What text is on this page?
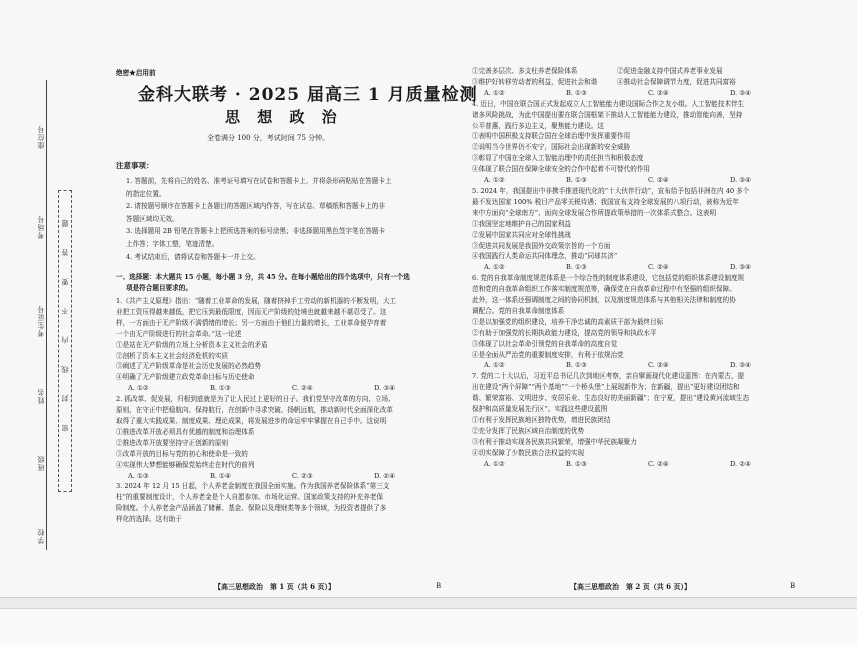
座位号
考场号
考生证号
姓名
班级
学校
密 封 线 内 不 要 答 题
绝密★启用前
金科大联考 · 2025 届高三 1 月质量检测
思 想 政 治
全卷满分 100 分，考试时间 75 分钟。
注意事项：
1. 答题前，先将自己的姓名、准考证号填写在试卷和答题卡上，并将条形码粘贴在答题卡上
的指定位置。
2. 请按题号顺序在答题卡上各题目的答题区域内作答，写在试卷、草稿纸和答题卡上的非
答题区域均无效。
3. 选择题用 2B 铅笔在答题卡上把所选答案的标号涂黑；非选择题用黑色签字笔在答题卡
上作答；字体工整，笔迹清楚。
4. 考试结束后，请将试卷和答题卡一并上交。
一、选择题：本大题共 15 小题，每小题 3 分，共 45 分。在每小题给出的四个选项中，只有一个选
项是符合题目要求的。
1.《共产主义原理》指出：“随着工业革命的发展，随着挤掉手工劳动的新机器的不断发明，大工
业把工资压得越来越低，把它压到最低限度，因而无产阶级的处境也就越来越不堪忍受了。这
样，一方面由于无产阶级不满情绪的增长；另一方面由于他们力量的增长，工业革命便孕育着
一个由无产阶级进行的社会革命。”这一论述
①是站在无产阶级的立场上分析资本主义社会的矛盾
②剖析了资本主义社会经济危机的实质
③阐述了无产阶级革命是社会历史发展的必然趋势
④明确了无产阶级建立政党革命目标与历史使命
A. ①②	B. ①③	C. ②④	D. ③④
2. 抓改革、促发展，归根到底就是为了让人民过上更好的日子。我们党坚守改革的方向、立场、
原则，在守正中把稳航向、保持航行，在创新中寻求突破、扬帆远航，推动新时代全面深化改革
取得了重大实践成果、制度成果、理论成果，将发展进步的命运牢牢掌握在自己手中。这说明
①推进改革开放必须具有优越的制度和治理体系
②推进改革开放要坚持守正创新的原则
③改革开放的目标与党的初心和使命是一致的
④实现伟大梦想能够确保党始终走在时代的前列
A. ①③	B. ①④	C. ②③	D. ②④
3. 2024 年 12 月 15 日起，个人养老金制度在我国全面实施。作为我国养老保险体系“第三支
柱”的重要制度设计，个人养老金是个人自愿参加、市场化运营、国家政策支持的补充养老保
险制度。个人养老金产品涵盖了储蓄、基金、保险以及理财类等多个领域，为投资者提供了多
样化的选择。这有助于
【高三思想政治　第 1 页（共 6 页）】	B
①完善多层次、多支柱养老保险体系　　　　　　②促进金融支持中国式养老事业发展
③维护好转移劳动者的利益，促进社会和谐　　　④推动社会保障调节力度，促进共同富裕
A. ①②	B. ①③	C. ②④	D. ③④
4. 近日，中国在联合国正式发起成立人工智能能力建设国际合作之友小组。人工智能技术伴生
诸多风险挑战，为此中国提出要在联合国框架下推动人工智能能力建设，推动智能向善，坚持
公平普惠，践行多边主义，聚焦能力建设。这
①表明中国积极支持联合国在全球治理中发挥重要作用
②说明当今世界仍不安宁，国际社会出现新的安全威胁
③彰显了中国在全球人工智能治理中的责任担当和积极态度
④体现了联合国在保障全球安全的合作中起着不可替代的作用
A. ①②	B. ①③	C. ②④	D. ③④
5. 2024 年，我国提出中非携手推进现代化的“十大伙伴行动”，宣布给予包括非洲在内 40 多个
最不发达国家 100% 税目产品零关税待遇；我国宣布支持全球发展的八项行动，被称为近年
来中方面向“全球南方”、面向全球发展合作所提政策举措的一次体系式整合。这表明
①我国坚定地维护自己的国家利益
②发展中国家共同应对全球性挑战
③促进共同发展是我国外交政策宗旨的一个方面
④我国践行人类命运共同体理念，推动“同球共济”
A. ①②	B. ①③	C. ②④	D. ③④
6. 党的自我革命制度规范体系是一个综合性的制度体系建设，它包括党的组织体系建设制度规
范和党的自我革命组织工作落实制度规范等，确保党在自我革命过程中有坚强的组织保障。
此外，这一体系还强调制度之间的协同机制，以及制度规范体系与其他相关法律和制度的协
调配合。党的自我革命制度体系
①是以加强党的组织建设，培养干净忠诚的高素质干部为最终目标
②有助于加强党的长期执政能力建设，提高党的领导和执政水平
③体现了以社会革命引领党的自我革命的高度自觉
④是全面从严治党的重要制度安排，有利于依规治党
A. ①②	B. ①③	C. ②④	D. ③④
7. 党的二十大以后，习近平总书记几次到地区考察，亲自擘画现代化建设蓝图：在内蒙古，提
出在建设“两个屏障”“两个基地”“一个桥头堡”上展现新作为；在新疆，提出“更好建设团结和
谐、繁荣富裕、文明进步、安居乐业、生态良好的美丽新疆”；在宁夏，提出“建设黄河流域生态
保护和高质量发展先行区”。实践这些建设蓝图
①有利于发挥民族地区独特优势，增进民族团结
②充分发挥了民族区域自治制度的优势
③有利于推动实现各民族共同繁荣，增强中华民族凝聚力
④切实保障了少数民族合法权益的实现
A. ①②	B. ①③	C. ②④	D. ②④
【高三思想政治　第 2 页（共 6 页）】	B
